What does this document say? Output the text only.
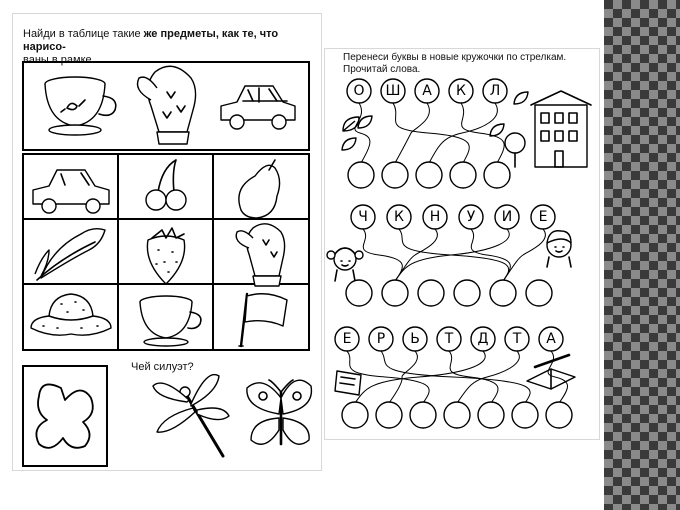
Найди в таблице такие же предметы, как те, что нарисо-
ваны в рамке.
Чей силуэт?
Перенеси буквы в новые кружочки по стрелкам.
Прочитай слова.
О Ш А К Л
Ч К Н У И Е
Е Р Ь Т Д Т А
